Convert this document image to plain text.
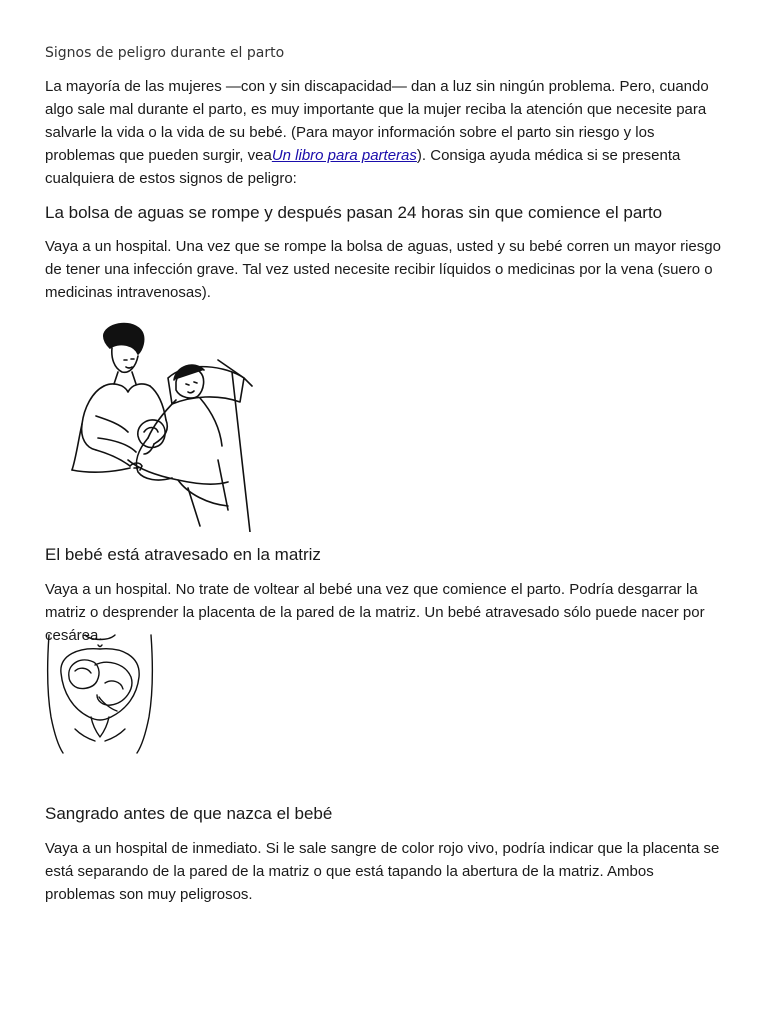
Signos de peligro durante el parto

La mayoría de las mujeres —con y sin discapacidad— dan a luz sin ningún problema. Pero, cuando algo sale mal durante el parto, es muy importante que la mujer reciba la atención que necesite para salvarle la vida o la vida de su bebé. (Para mayor información sobre el parto sin riesgo y los problemas que pueden surgir, veaUn libro para parteras). Consiga ayuda médica si se presenta cualquiera de estos signos de peligro:

La bolsa de aguas se rompe y después pasan 24 horas sin que comience el parto

Vaya a un hospital. Una vez que se rompe la bolsa de aguas, usted y su bebé corren un mayor riesgo de tener una infección grave. Tal vez usted necesite recibir líquidos o medicinas por la vena (suero o medicinas intravenosas).

El bebé está atravesado en la matriz

Vaya a un hospital. No trate de voltear al bebé una vez que comience el parto. Podría desgarrar la matriz o desprender la placenta de la pared de la matriz. Un bebé atravesado sólo puede nacer por cesárea.

Sangrado antes de que nazca el bebé

Vaya a un hospital de inmediato. Si le sale sangre de color rojo vivo, podría indicar que la placenta se está separando de la pared de la matriz o que está tapando la abertura de la matriz. Ambos problemas son muy peligrosos.
